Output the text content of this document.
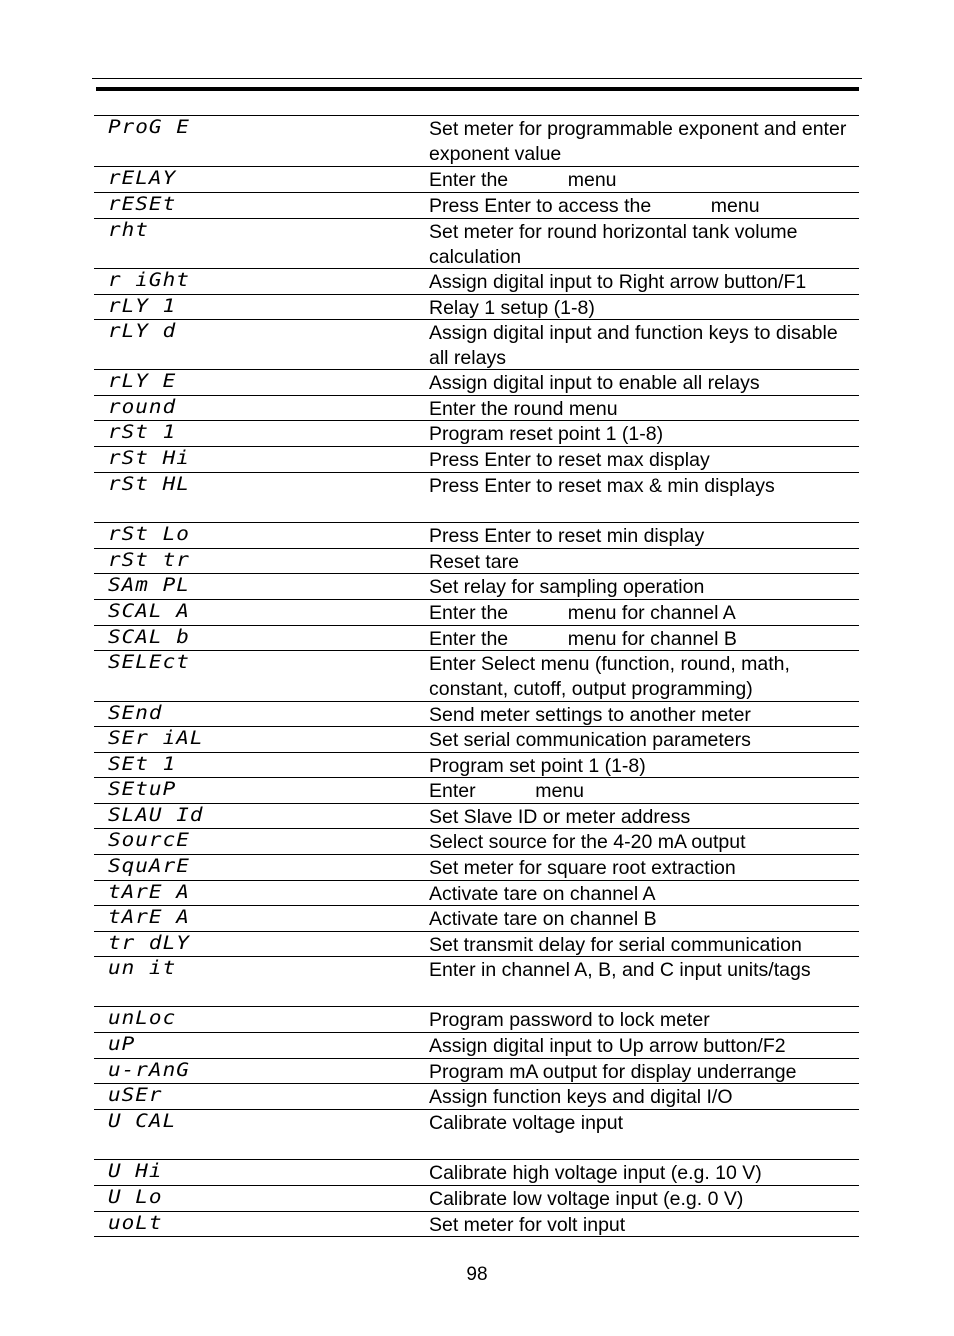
ProG E	Set meter for programmable exponent and enter exponent value
rELAY	Enter the           menu
rESEt	Press Enter to access the           menu
rht	Set meter for round horizontal tank volume calculation
r iGht	Assign digital input to Right arrow button/F1
rLY 1	Relay 1 setup (1-8)
rLY d	Assign digital input and function keys to disable all relays
rLY E	Assign digital input to enable all relays
round	Enter the round menu
rSt 1	Program reset point 1 (1-8)
rSt Hi	Press Enter to reset max display
rSt HL	Press Enter to reset max & min displays
rSt Lo	Press Enter to reset min display
rSt tr	Reset tare
SAm PL	Set relay for sampling operation
SCAL A	Enter the           menu for channel A
SCAL b	Enter the           menu for channel B
SELEct	Enter Select menu (function, round, math, constant, cutoff, output programming)
SEnd	Send meter settings to another meter
SEr iAL	Set serial communication parameters
SEt 1	Program set point 1 (1-8)
SEtuP	Enter           menu
SLAU Id	Set Slave ID or meter address
SourcE	Select source for the 4-20 mA output
SquArE	Set meter for square root extraction
tArE A	Activate tare on channel A
tArE A	Activate tare on channel B
tr dLY	Set transmit delay for serial communication
un it	Enter in channel A, B, and C input units/tags
unLoc	Program password to lock meter
uP	Assign digital input to Up arrow button/F2
u-rAnG	Program mA output for display underrange
uSEr	Assign function keys and digital I/O
U CAL	Calibrate voltage input
U Hi	Calibrate high voltage input (e.g. 10 V)
U Lo	Calibrate low voltage input (e.g. 0 V)
uoLt	Set meter for volt input
98
